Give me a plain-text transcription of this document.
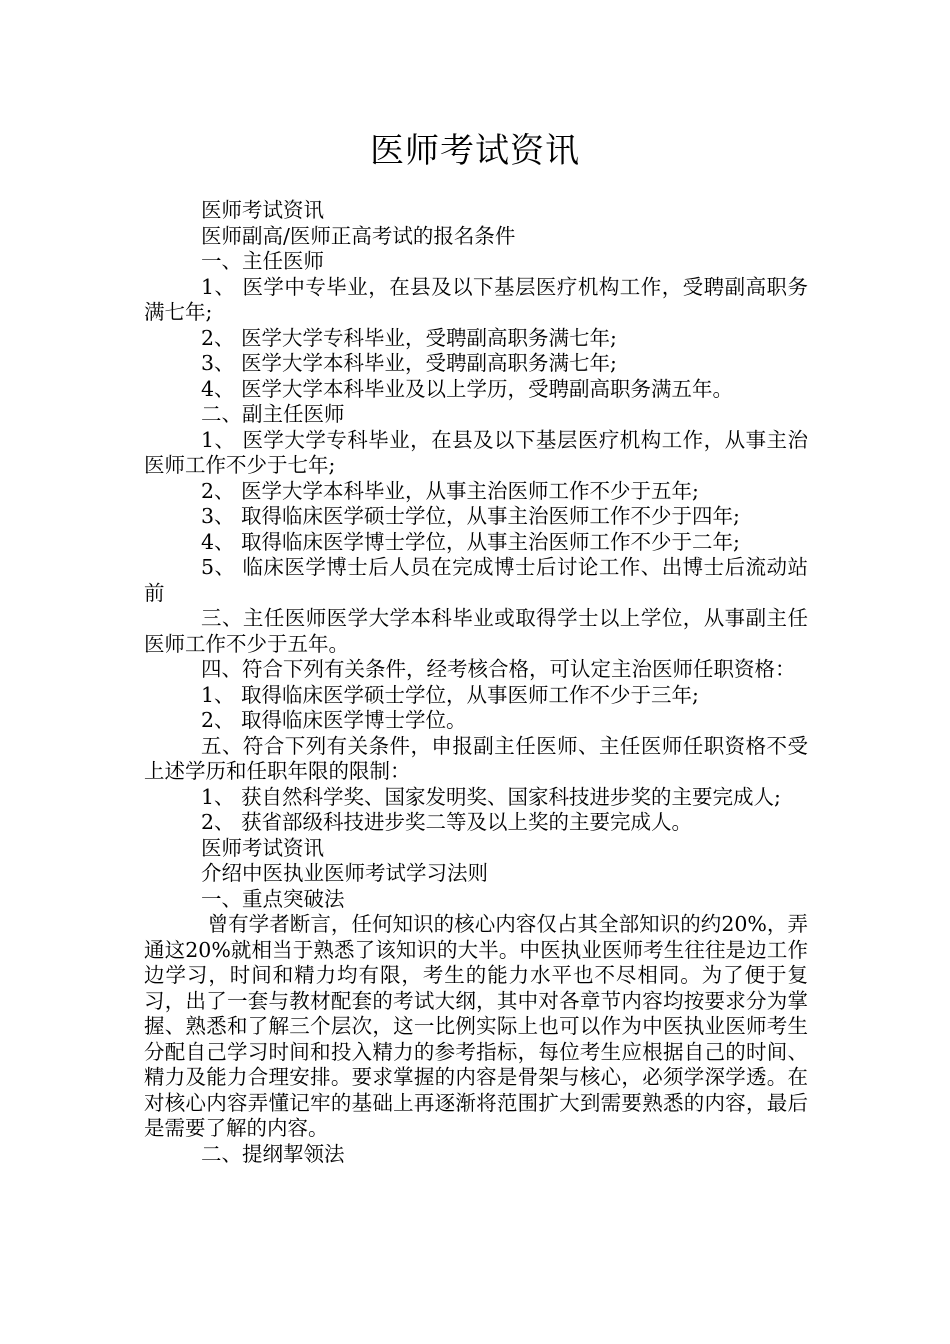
医师考试资讯

医师考试资讯

医师副高/医师正高考试的报名条件

一、主任医师

1、 医学中专毕业，在县及以下基层医疗机构工作，受聘副高职务满七年;

2、 医学大学专科毕业，受聘副高职务满七年;

3、 医学大学本科毕业，受聘副高职务满七年;

4、 医学大学本科毕业及以上学历，受聘副高职务满五年。

二、副主任医师

1、 医学大学专科毕业，在县及以下基层医疗机构工作，从事主治医师工作不少于七年;

2、 医学大学本科毕业，从事主治医师工作不少于五年;

3、 取得临床医学硕士学位，从事主治医师工作不少于四年;

4、 取得临床医学博士学位，从事主治医师工作不少于二年;

5、 临床医学博士后人员在完成博士后讨论工作、出博士后流动站前

三、主任医师医学大学本科毕业或取得学士以上学位，从事副主任医师工作不少于五年。

四、符合下列有关条件，经考核合格，可认定主治医师任职资格：

1、 取得临床医学硕士学位，从事医师工作不少于三年;

2、 取得临床医学博士学位。

五、符合下列有关条件，申报副主任医师、主任医师任职资格不受上述学历和任职年限的限制：

1、 获自然科学奖、国家发明奖、国家科技进步奖的主要完成人;

2、 获省部级科技进步奖二等及以上奖的主要完成人。

医师考试资讯

介绍中医执业医师考试学习法则

一、重点突破法

曾有学者断言，任何知识的核心内容仅占其全部知识的约20%，弄通这20%就相当于熟悉了该知识的大半。中医执业医师考生往往是边工作边学习，时间和精力均有限，考生的能力水平也不尽相同。为了便于复习，出了一套与教材配套的考试大纲，其中对各章节内容均按要求分为掌握、熟悉和了解三个层次，这一比例实际上也可以作为中医执业医师考生分配自己学习时间和投入精力的参考指标，每位考生应根据自己的时间、精力及能力合理安排。要求掌握的内容是骨架与核心，必须学深学透。在对核心内容弄懂记牢的基础上再逐渐将范围扩大到需要熟悉的内容，最后是需要了解的内容。

二、提纲挈领法
